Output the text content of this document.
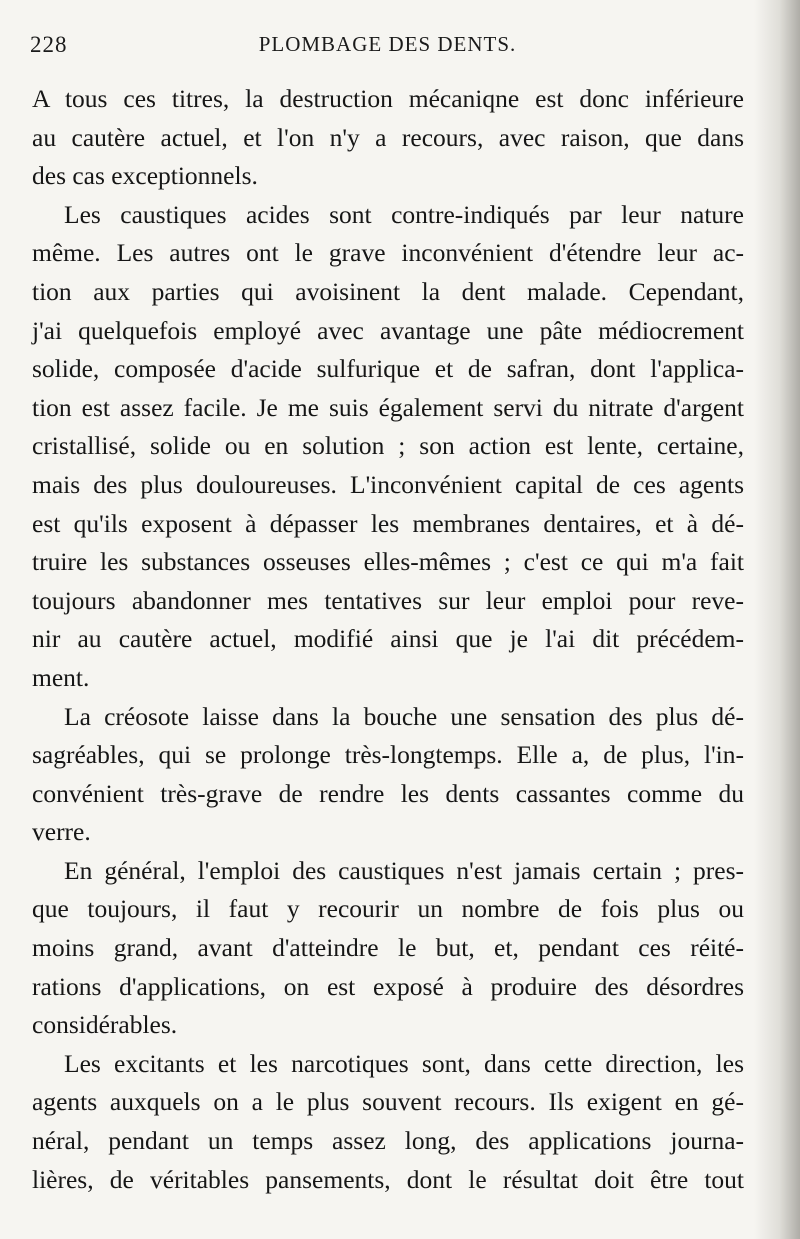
228	PLOMBAGE DES DENTS.
A tous ces titres, la destruction mécaniqne est donc inférieure
au cautère actuel, et l'on n'y a recours, avec raison, que dans
des cas exceptionnels.
Les caustiques acides sont contre-indiqués par leur nature
même. Les autres ont le grave inconvénient d'étendre leur ac-
tion aux parties qui avoisinent la dent malade. Cependant,
j'ai quelquefois employé avec avantage une pâte médiocrement
solide, composée d'acide sulfurique et de safran, dont l'applica-
tion est assez facile. Je me suis également servi du nitrate d'argent
cristallisé, solide ou en solution ; son action est lente, certaine,
mais des plus douloureuses. L'inconvénient capital de ces agents
est qu'ils exposent à dépasser les membranes dentaires, et à dé-
truire les substances osseuses elles-mêmes ; c'est ce qui m'a fait
toujours abandonner mes tentatives sur leur emploi pour reve-
nir au cautère actuel, modifié ainsi que je l'ai dit précédem-
ment.
La créosote laisse dans la bouche une sensation des plus dé-
sagréables, qui se prolonge très-longtemps. Elle a, de plus, l'in-
convénient très-grave de rendre les dents cassantes comme du
verre.
En général, l'emploi des caustiques n'est jamais certain ; pres-
que toujours, il faut y recourir un nombre de fois plus ou
moins grand, avant d'atteindre le but, et, pendant ces réité-
rations d'applications, on est exposé à produire des désordres
considérables.
Les excitants et les narcotiques sont, dans cette direction, les
agents auxquels on a le plus souvent recours. Ils exigent en gé-
néral, pendant un temps assez long, des applications journa-
lières, de véritables pansements, dont le résultat doit être tout
